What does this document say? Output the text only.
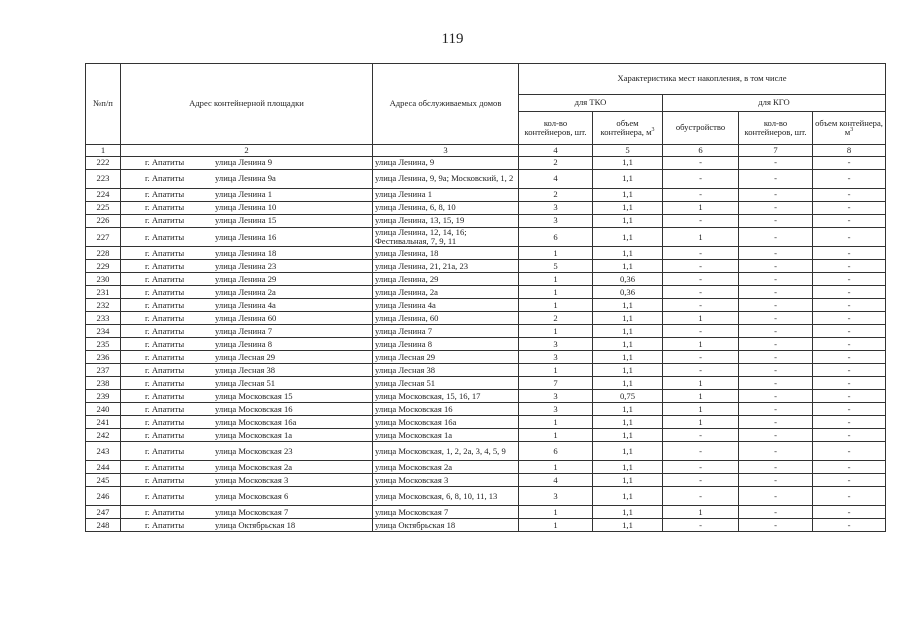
119
№п/п	Адрес контейнерной площадки	Адреса обслуживаемых домов	Характеристика мест накопления, в том числе				
			для ТКО		для КГО		
			кол-во контейнеров, шт.	объем контейнера, $м^3$	обустройство	кол-во контейнеров, шт.	объем контейнера, $м^3$
1	2	3	4	5	6	7	8
222	г. Апатиты улица Ленина 9	улица Ленина, 9	2	1,1	-	-	-
223	г. Апатиты улица Ленина 9а	улица Ленина, 9, 9а; Московский, 1, 2	4	1,1	-	-	-
224	г. Апатиты улица Ленина 1	улица Ленина 1	2	1,1	-	-	-
225	г. Апатиты улица Ленина 10	улица Ленина, 6, 8, 10	3	1,1	1	-	-
226	г. Апатиты улица Ленина 15	улица Ленина, 13, 15, 19	3	1,1	-	-	-
227	г. Апатиты улица Ленина 16	улица Ленина, 12, 14, 16; Фестивальная, 7, 9, 11	6	1,1	1	-	-
228	г. Апатиты улица Ленина 18	улица Ленина, 18	1	1,1	-	-	-
229	г. Апатиты улица Ленина 23	улица Ленина, 21, 21а, 23	5	1,1	-	-	-
230	г. Апатиты улица Ленина 29	улица Ленина, 29	1	0,36	-	-	-
231	г. Апатиты улица Ленина 2а	улица Ленина, 2а	1	0,36	-	-	-
232	г. Апатиты улица Ленина 4а	улица Ленина 4а	1	1,1	-	-	-
233	г. Апатиты улица Ленина 60	улица Ленина, 60	2	1,1	1	-	-
234	г. Апатиты улица Ленина 7	улица Ленина 7	1	1,1	-	-	-
235	г. Апатиты улица Ленина 8	улица Ленина 8	3	1,1	1	-	-
236	г. Апатиты улица Лесная 29	улица Лесная 29	3	1,1	-	-	-
237	г. Апатиты улица Лесная 38	улица Лесная 38	1	1,1	-	-	-
238	г. Апатиты улица Лесная 51	улица Лесная 51	7	1,1	1	-	-
239	г. Апатиты улица Московская 15	улица Московская, 15, 16, 17	3	0,75	1	-	-
240	г. Апатиты улица Московская 16	улица Московская 16	3	1,1	1	-	-
241	г. Апатиты улица Московская 16а	улица Московская 16а	1	1,1	1	-	-
242	г. Апатиты улица Московская 1а	улица Московская 1а	1	1,1	-	-	-
243	г. Апатиты улица Московская 23	улица Московская, 1, 2, 2а, 3, 4, 5, 9	6	1,1	-	-	-
244	г. Апатиты улица Московская 2а	улица Московская 2а	1	1,1	-	-	-
245	г. Апатиты улица Московская 3	улица Московская 3	4	1,1	-	-	-
246	г. Апатиты улица Московская 6	улица Московская, 6, 8, 10, 11, 13	3	1,1	-	-	-
247	г. Апатиты улица Московская 7	улица Московская 7	1	1,1	1	-	-
248	г. Апатиты улица Октябрьская 18	улица Октябрьская 18	1	1,1	-	-	-
